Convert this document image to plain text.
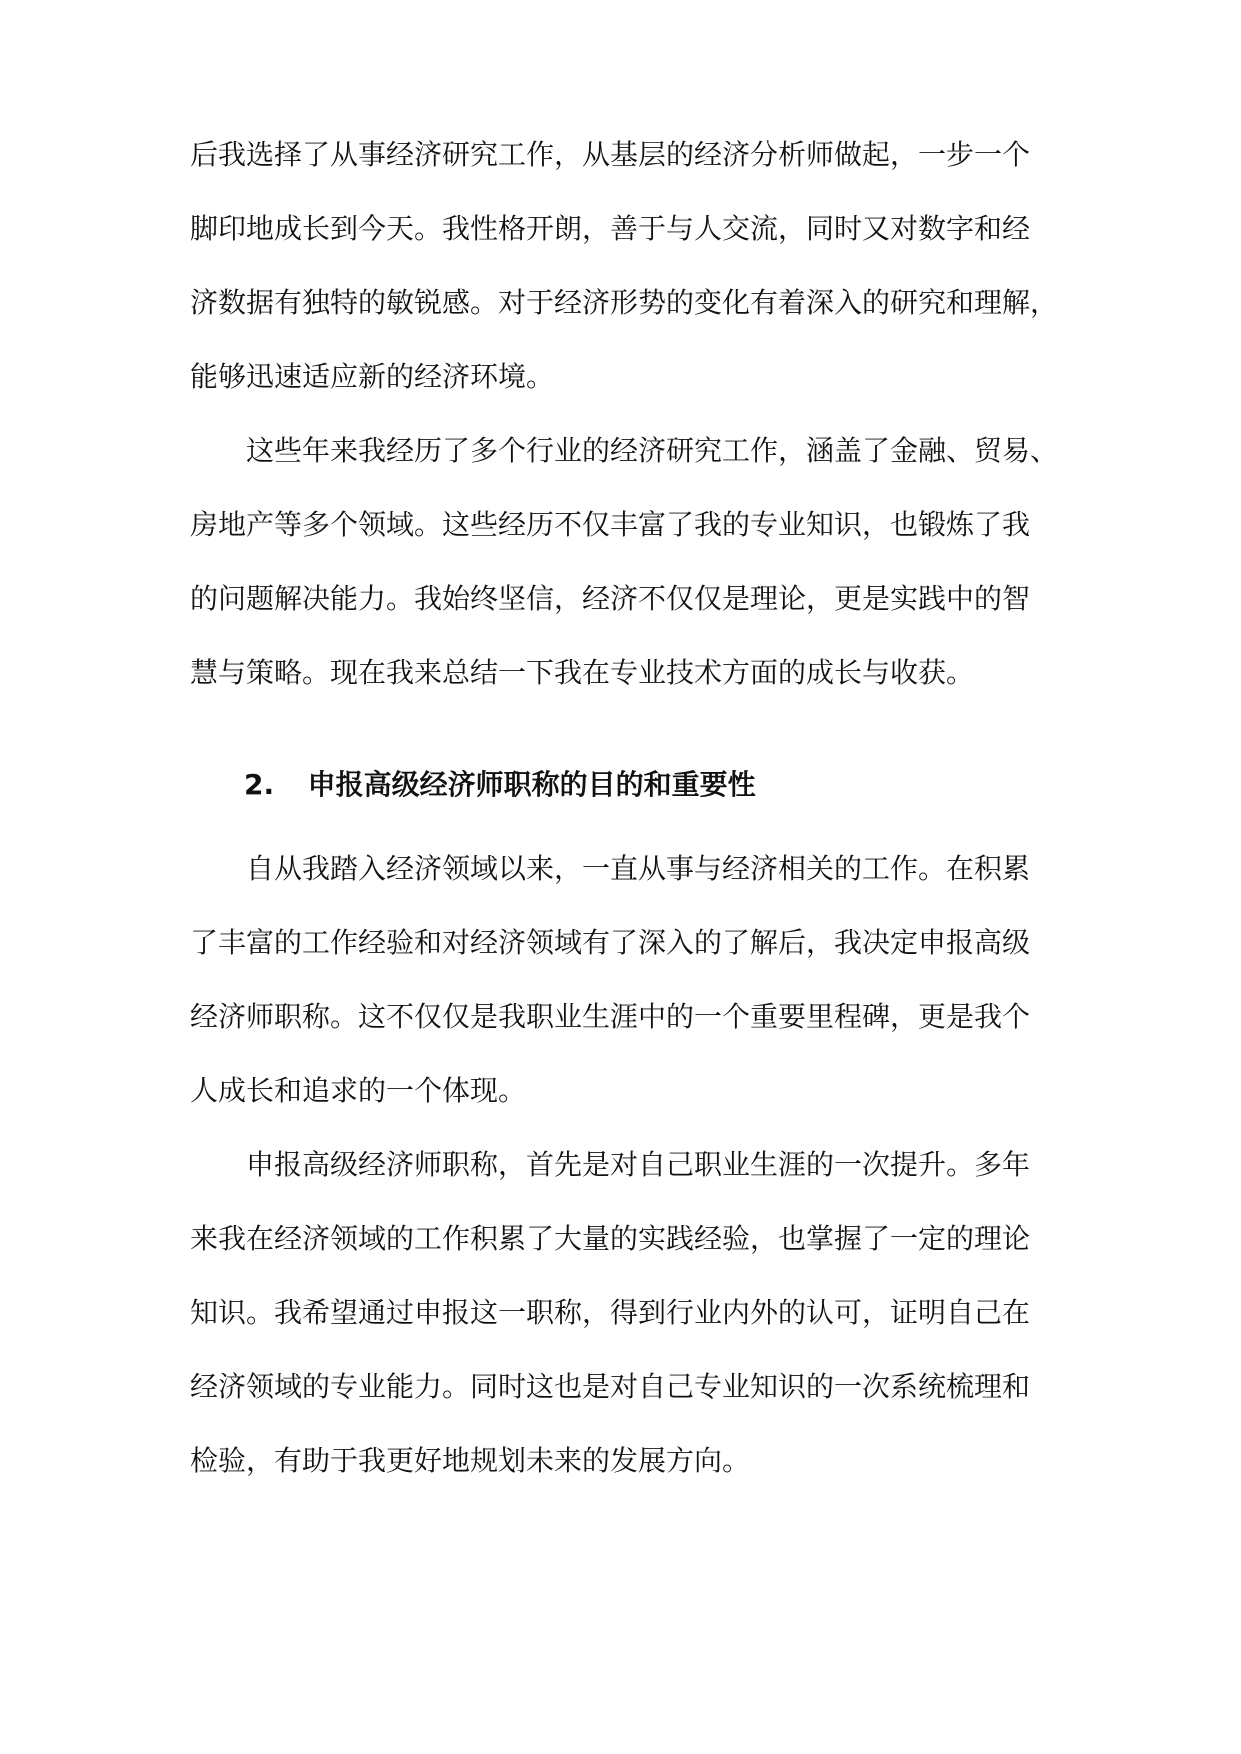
后我选择了从事经济研究工作，从基层的经济分析师做起，一步一个
脚印地成长到今天。我性格开朗，善于与人交流，同时又对数字和经
济数据有独特的敏锐感。对于经济形势的变化有着深入的研究和理解，
能够迅速适应新的经济环境。
这些年来我经历了多个行业的经济研究工作，涵盖了金融、贸易、
房地产等多个领域。这些经历不仅丰富了我的专业知识，也锻炼了我
的问题解决能力。我始终坚信，经济不仅仅是理论，更是实践中的智
慧与策略。现在我来总结一下我在专业技术方面的成长与收获。
2. 申报高级经济师职称的目的和重要性
自从我踏入经济领域以来，一直从事与经济相关的工作。在积累
了丰富的工作经验和对经济领域有了深入的了解后，我决定申报高级
经济师职称。这不仅仅是我职业生涯中的一个重要里程碑，更是我个
人成长和追求的一个体现。
申报高级经济师职称，首先是对自己职业生涯的一次提升。多年
来我在经济领域的工作积累了大量的实践经验，也掌握了一定的理论
知识。我希望通过申报这一职称，得到行业内外的认可，证明自己在
经济领域的专业能力。同时这也是对自己专业知识的一次系统梳理和
检验，有助于我更好地规划未来的发展方向。
